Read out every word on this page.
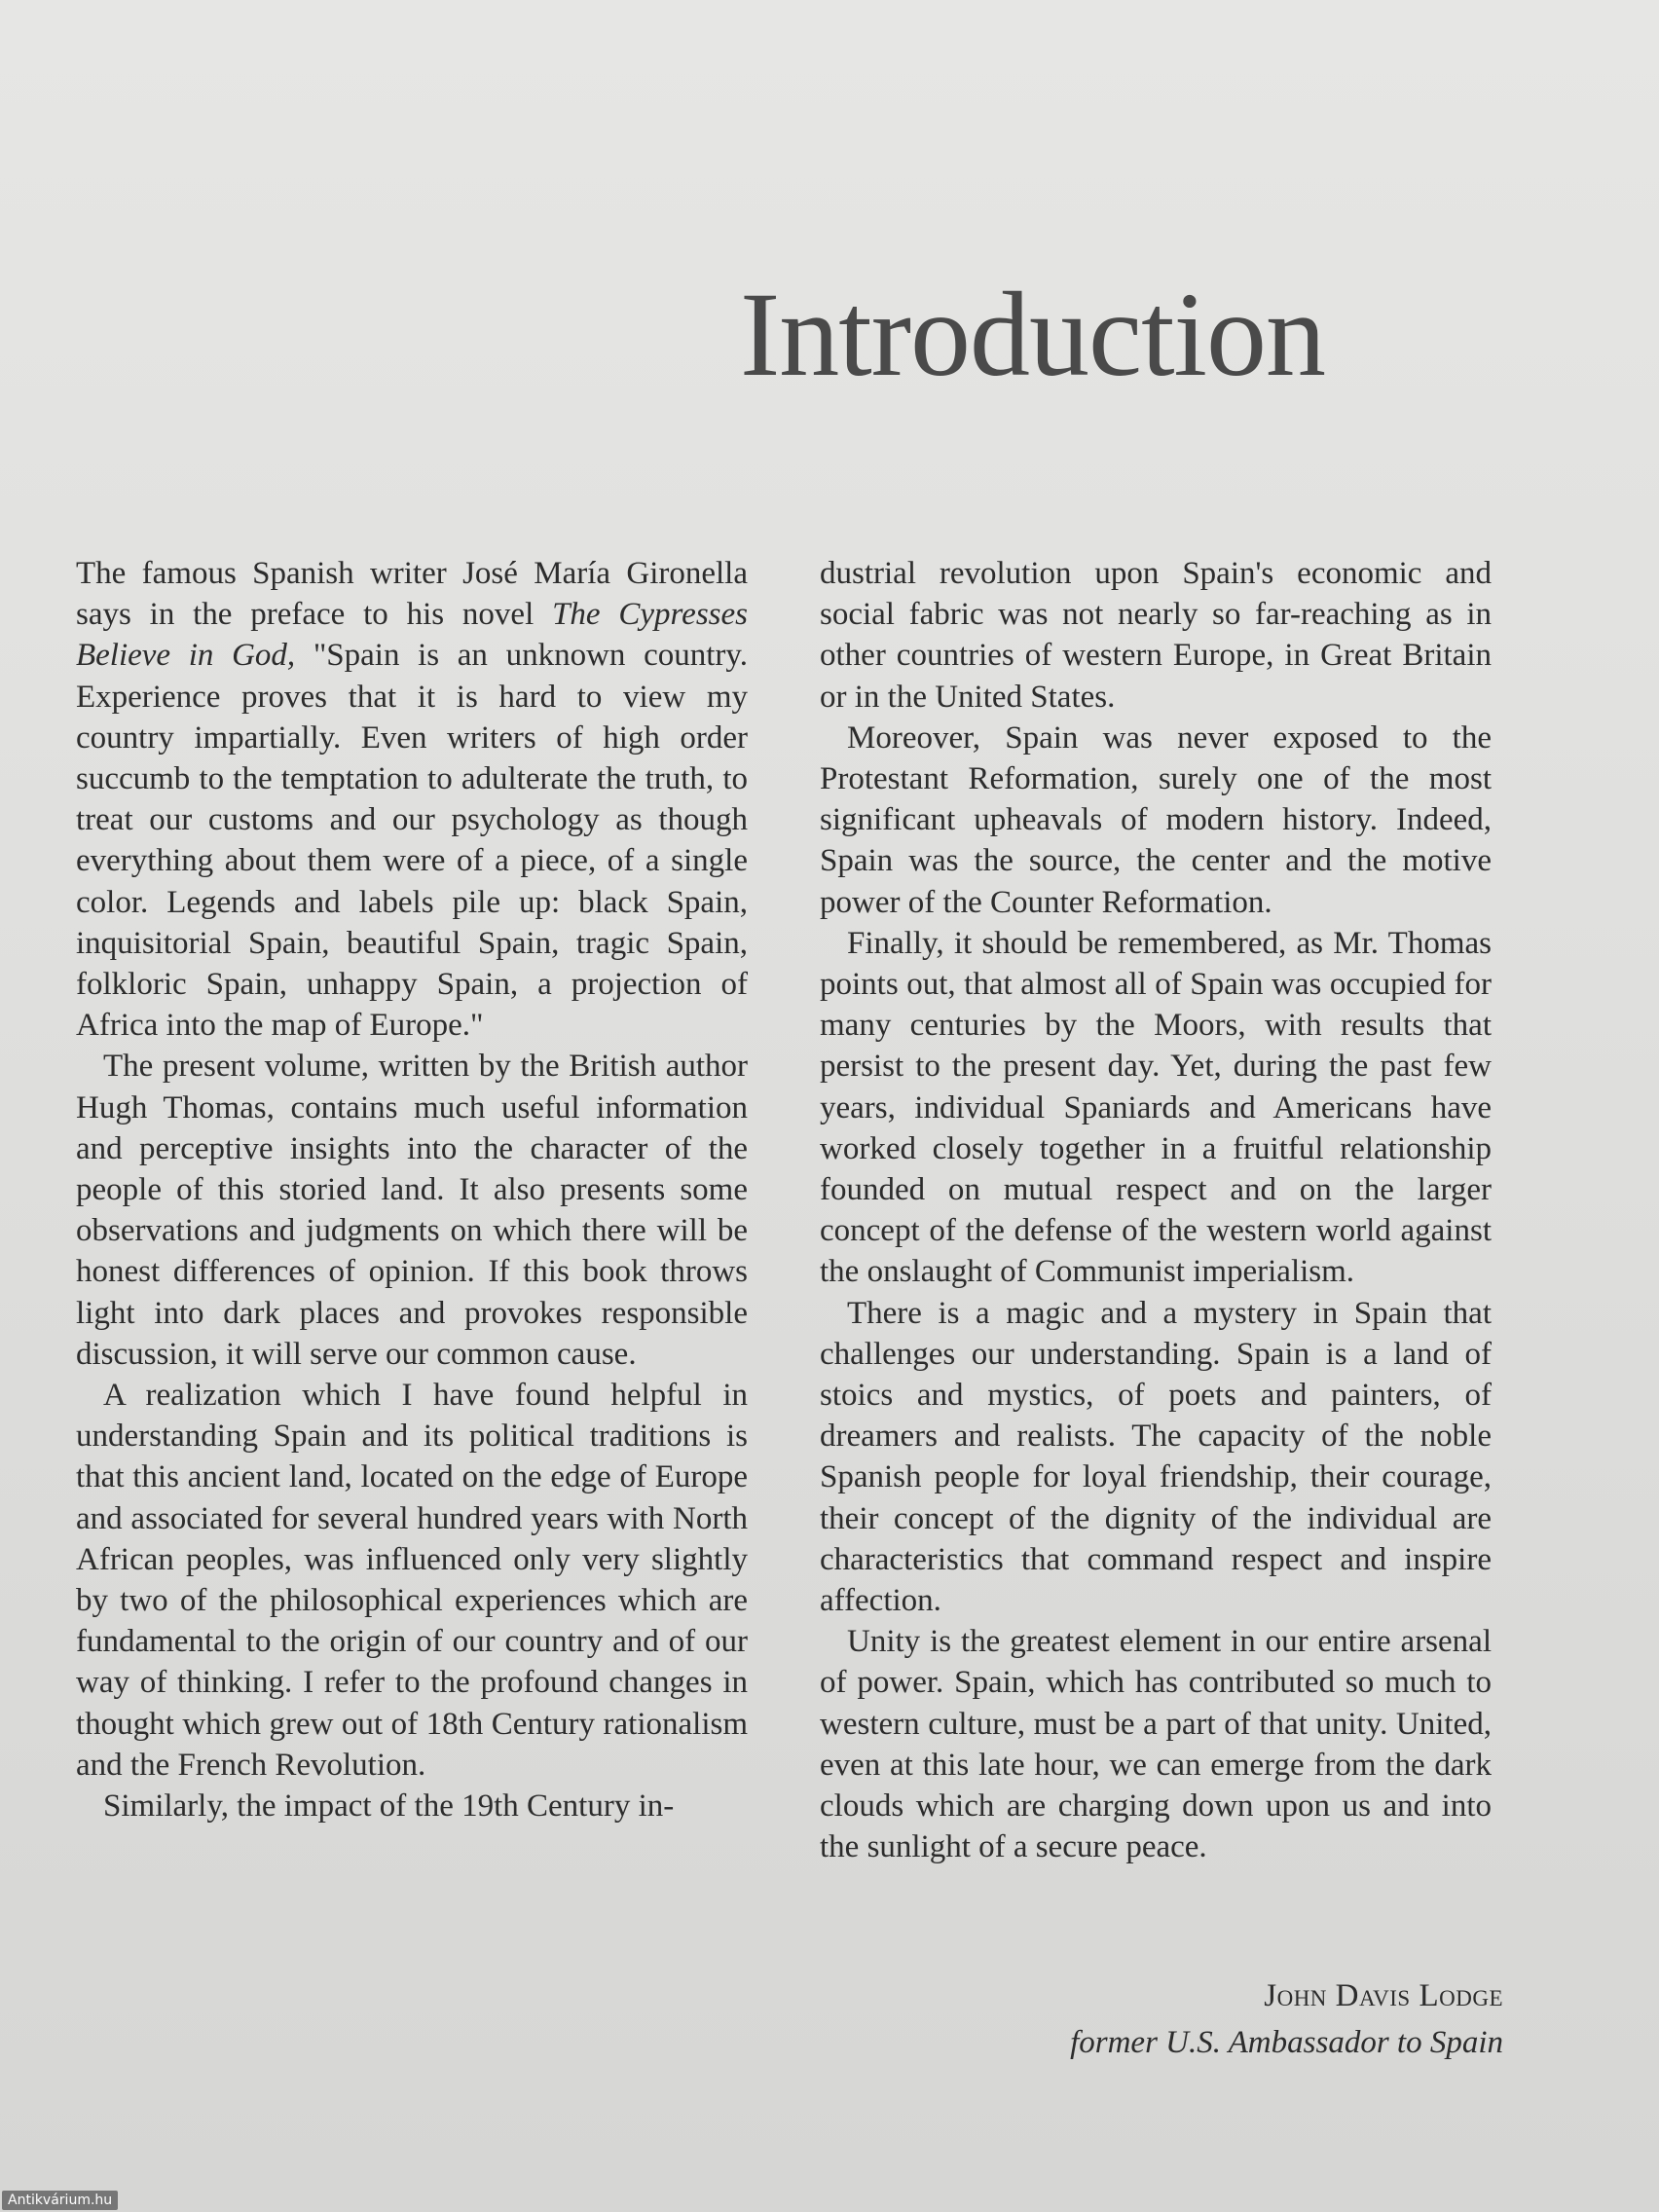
Introduction

The famous Spanish writer José María Gironella says in the preface to his novel The Cypresses Believe in God, "Spain is an unknown country. Experience proves that it is hard to view my country impartially. Even writers of high order succumb to the temptation to adulterate the truth, to treat our customs and our psychology as though everything about them were of a piece, of a single color. Legends and labels pile up: black Spain, inquisitorial Spain, beautiful Spain, tragic Spain, folkloric Spain, unhappy Spain, a projection of Africa into the map of Europe."

The present volume, written by the British author Hugh Thomas, contains much useful information and perceptive insights into the character of the people of this storied land. It also presents some observations and judgments on which there will be honest differences of opinion. If this book throws light into dark places and provokes responsible discussion, it will serve our common cause.

A realization which I have found helpful in understanding Spain and its political traditions is that this ancient land, located on the edge of Europe and associated for several hundred years with North African peoples, was influenced only very slightly by two of the philosophical experiences which are fundamental to the origin of our country and of our way of thinking. I refer to the profound changes in thought which grew out of 18th Century rationalism and the French Revolution.

Similarly, the impact of the 19th Century in-

dustrial revolution upon Spain's economic and social fabric was not nearly so far-reaching as in other countries of western Europe, in Great Britain or in the United States.

Moreover, Spain was never exposed to the Protestant Reformation, surely one of the most significant upheavals of modern history. Indeed, Spain was the source, the center and the motive power of the Counter Reformation.

Finally, it should be remembered, as Mr. Thomas points out, that almost all of Spain was occupied for many centuries by the Moors, with results that persist to the present day. Yet, during the past few years, individual Spaniards and Americans have worked closely together in a fruitful relationship founded on mutual respect and on the larger concept of the defense of the western world against the onslaught of Communist imperialism.

There is a magic and a mystery in Spain that challenges our understanding. Spain is a land of stoics and mystics, of poets and painters, of dreamers and realists. The capacity of the noble Spanish people for loyal friendship, their courage, their concept of the dignity of the individual are characteristics that command respect and inspire affection.

Unity is the greatest element in our entire arsenal of power. Spain, which has contributed so much to western culture, must be a part of that unity. United, even at this late hour, we can emerge from the dark clouds which are charging down upon us and into the sunlight of a secure peace.

John Davis Lodge
former U.S. Ambassador to Spain
Antikvárium.hu
